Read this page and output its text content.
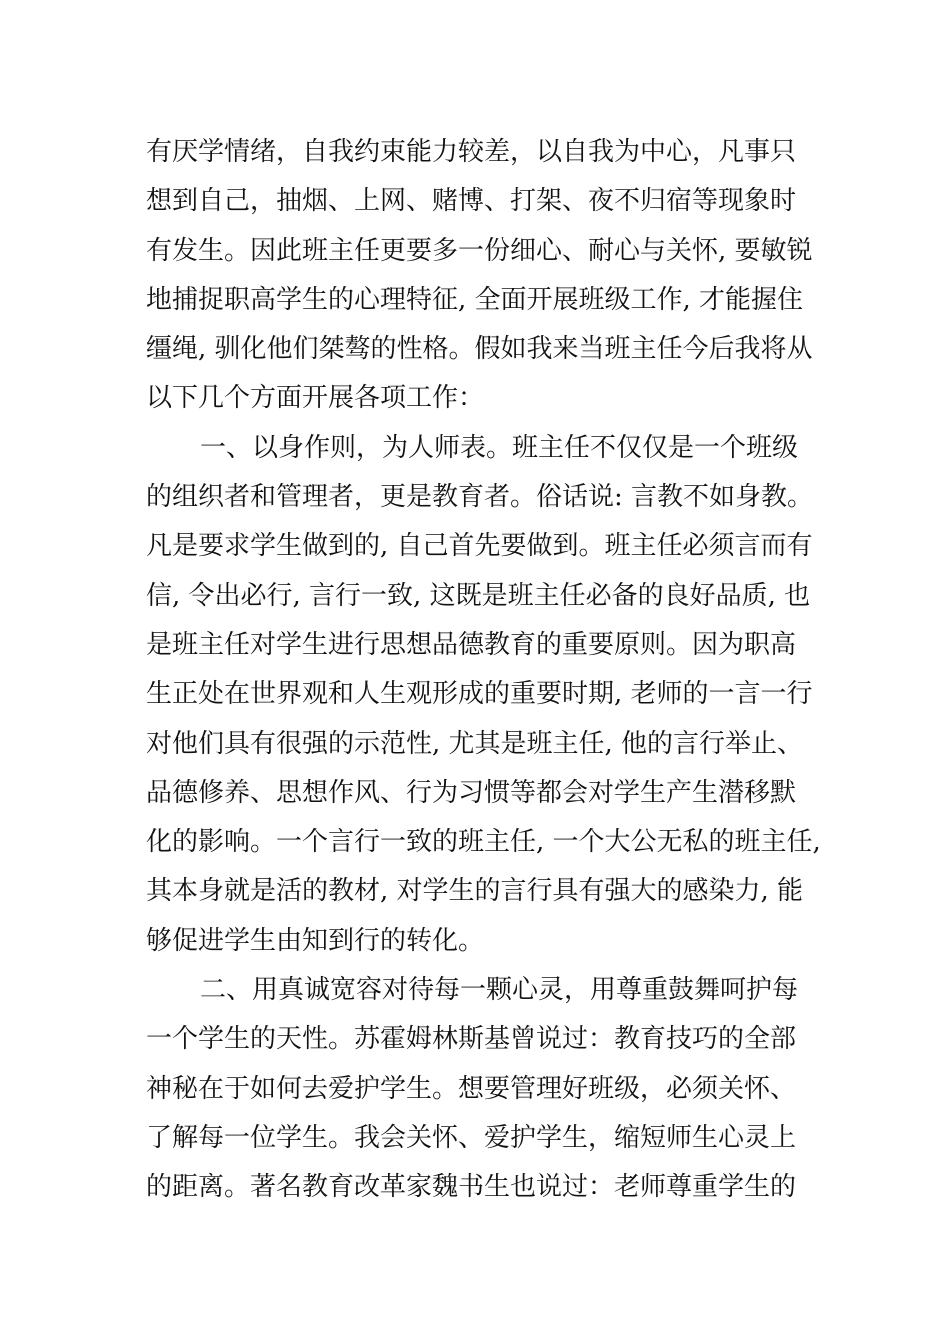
有厌学情绪，自我约束能力较差，以自我为中心，凡事只
想到自己，抽烟、上网、赌博、打架、夜不归宿等现象时
有发生。因此班主任更要多一份细心、耐心与关怀, 要敏锐
地捕捉职高学生的心理特征, 全面开展班级工作, 才能握住
缰绳, 驯化他们桀骜的性格。假如我来当班主任今后我将从
以下几个方面开展各项工作：
一、以身作则，为人师表。班主任不仅仅是一个班级
的组织者和管理者，更是教育者。俗话说: 言教不如身教。
凡是要求学生做到的, 自己首先要做到。班主任必须言而有
信, 令出必行, 言行一致, 这既是班主任必备的良好品质, 也
是班主任对学生进行思想品德教育的重要原则。因为职高
生正处在世界观和人生观形成的重要时期, 老师的一言一行
对他们具有很强的示范性, 尤其是班主任, 他的言行举止、
品德修养、思想作风、行为习惯等都会对学生产生潜移默
化的影响。一个言行一致的班主任, 一个大公无私的班主任,
其本身就是活的教材, 对学生的言行具有强大的感染力, 能
够促进学生由知到行的转化。
二、用真诚宽容对待每一颗心灵，用尊重鼓舞呵护每
一个学生的天性。苏霍姆林斯基曾说过：教育技巧的全部
神秘在于如何去爱护学生。想要管理好班级，必须关怀、
了解每一位学生。我会关怀、爱护学生，缩短师生心灵上
的距离。著名教育改革家魏书生也说过：老师尊重学生的
